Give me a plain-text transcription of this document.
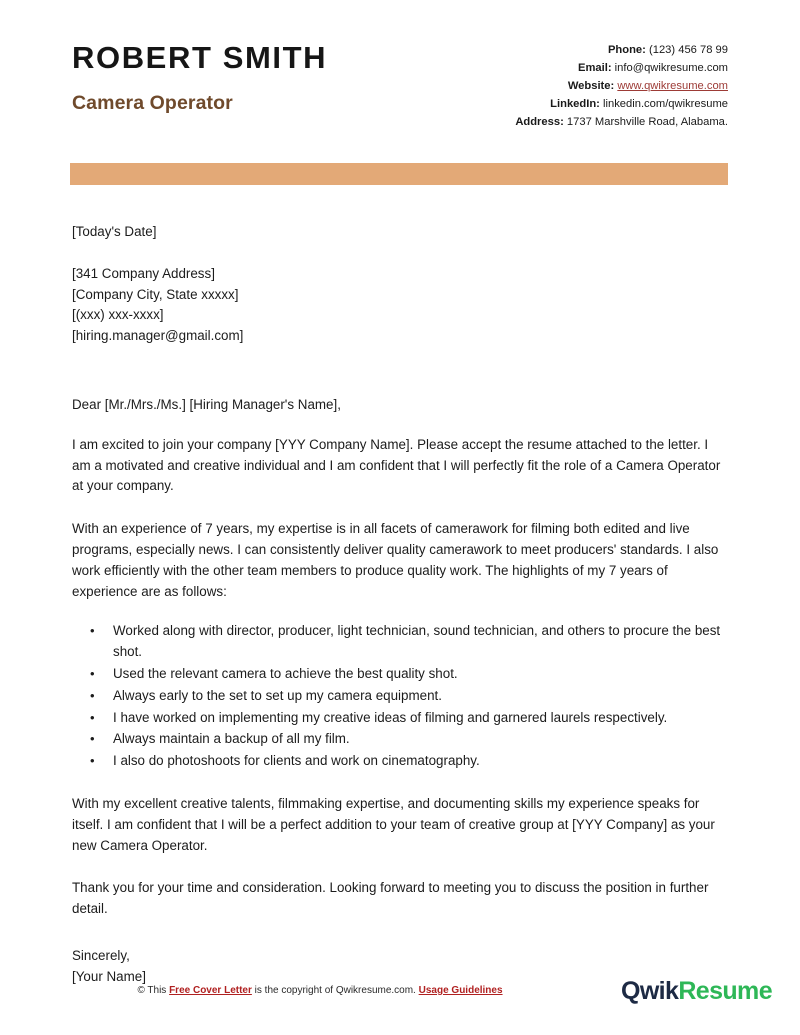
ROBERT SMITH
Camera Operator
Phone: (123) 456 78 99
Email: info@qwikresume.com
Website: www.qwikresume.com
LinkedIn: linkedin.com/qwikresume
Address: 1737 Marshville Road, Alabama.
[Today's Date]
[341 Company Address]
[Company City, State xxxxx]
[(xxx) xxx-xxxx]
[hiring.manager@gmail.com]
Dear [Mr./Mrs./Ms.] [Hiring Manager's Name],

I am excited to join your company [YYY Company Name]. Please accept the resume attached to the letter. I am a motivated and creative individual and I am confident that I will perfectly fit the role of a Camera Operator at your company.

With an experience of 7 years, my expertise is in all facets of camerawork for filming both edited and live programs, especially news. I can consistently deliver quality camerawork to meet producers' standards. I also work efficiently with the other team members to produce quality work. The highlights of my 7 years of experience are as follows:

• Worked along with director, producer, light technician, sound technician, and others to procure the best shot.
• Used the relevant camera to achieve the best quality shot.
• Always early to the set to set up my camera equipment.
• I have worked on implementing my creative ideas of filming and garnered laurels respectively.
• Always maintain a backup of all my film.
• I also do photoshoots for clients and work on cinematography.

With my excellent creative talents, filmmaking expertise, and documenting skills my experience speaks for itself. I am confident that I will be a perfect addition to your team of creative group at [YYY Company] as your new Camera Operator.

Thank you for your time and consideration. Looking forward to meeting you to discuss the position in further detail.

Sincerely,
[Your Name]
© This Free Cover Letter is the copyright of Qwikresume.com. Usage Guidelines	QwikResume
